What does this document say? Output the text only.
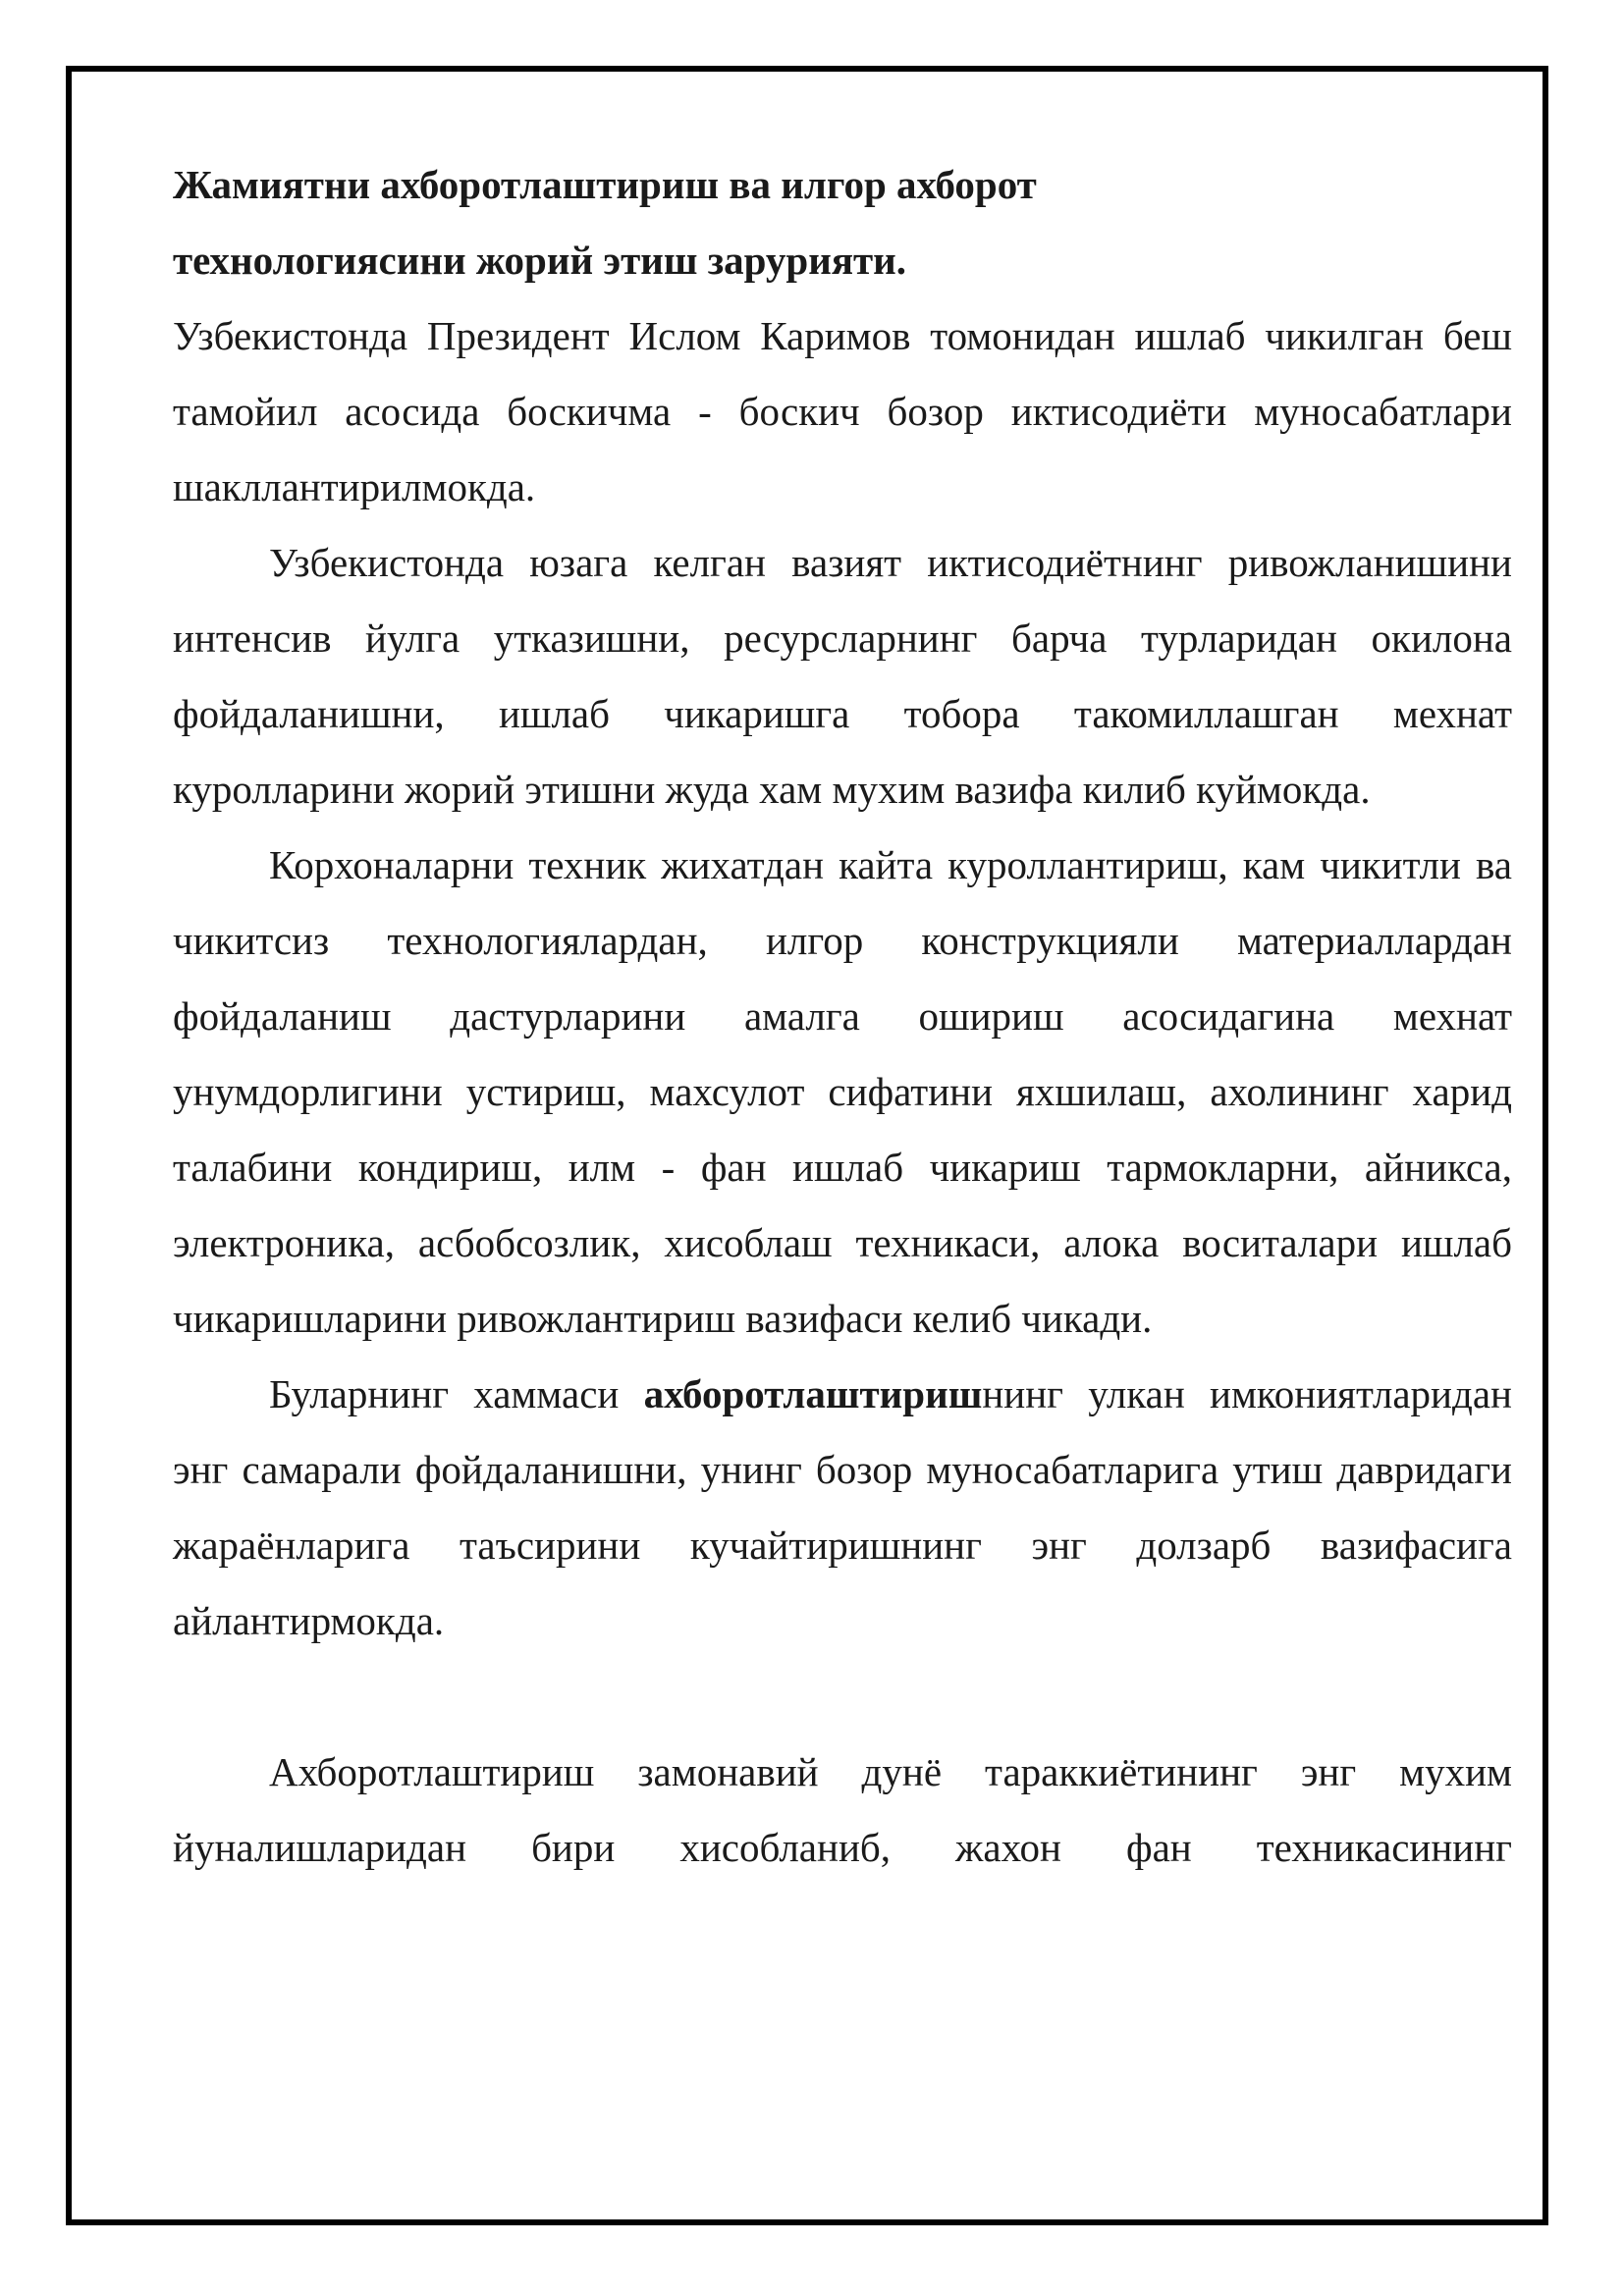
Жамиятни ахборотлаштириш ва илгор ахборот

технологиясини жорий этиш зарурияти.

Узбекистонда Президент Ислом Каримов томонидан ишлаб чикилган беш тамойил асосида боскичма - боскич бозор иктисодиёти муносабатлари шакллантирилмокда.

Узбекистонда юзага келган вазият иктисодиётнинг ривожланишини интенсив йулга утказишни, ресурсларнинг барча турларидан окилона фойдаланишни, ишлаб чикаришга тобора такомиллашган мехнат куролларини жорий этишни жуда хам мухим вазифа килиб куймокда.

Корхоналарни техник жихатдан кайта куроллантириш, кам чикитли ва чикитсиз технологиялардан, илгор конструкцияли материаллардан фойдаланиш дастурларини амалга ошириш асосидагина мехнат унумдорлигини устириш, махсулот сифатини яхшилаш, ахолининг харид талабини кондириш, илм - фан ишлаб чикариш тармокларни, айникса, электроника, асбобсозлик, хисоблаш техникаси, алока воситалари ишлаб чикаришларини ривожлантириш вазифаси келиб чикади.

Буларнинг хаммаси ахборотлаштиришнинг улкан имкониятларидан энг самарали фойдаланишни, унинг бозор муносабатларига утиш давридаги жараёнларига таъсирини кучайтиришнинг энг долзарб вазифасига айлантирмокда.

Ахборотлаштириш замонавий дунё тараккиётининг энг мухим йуналишларидан бири хисобланиб, жахон фан техникасининг
